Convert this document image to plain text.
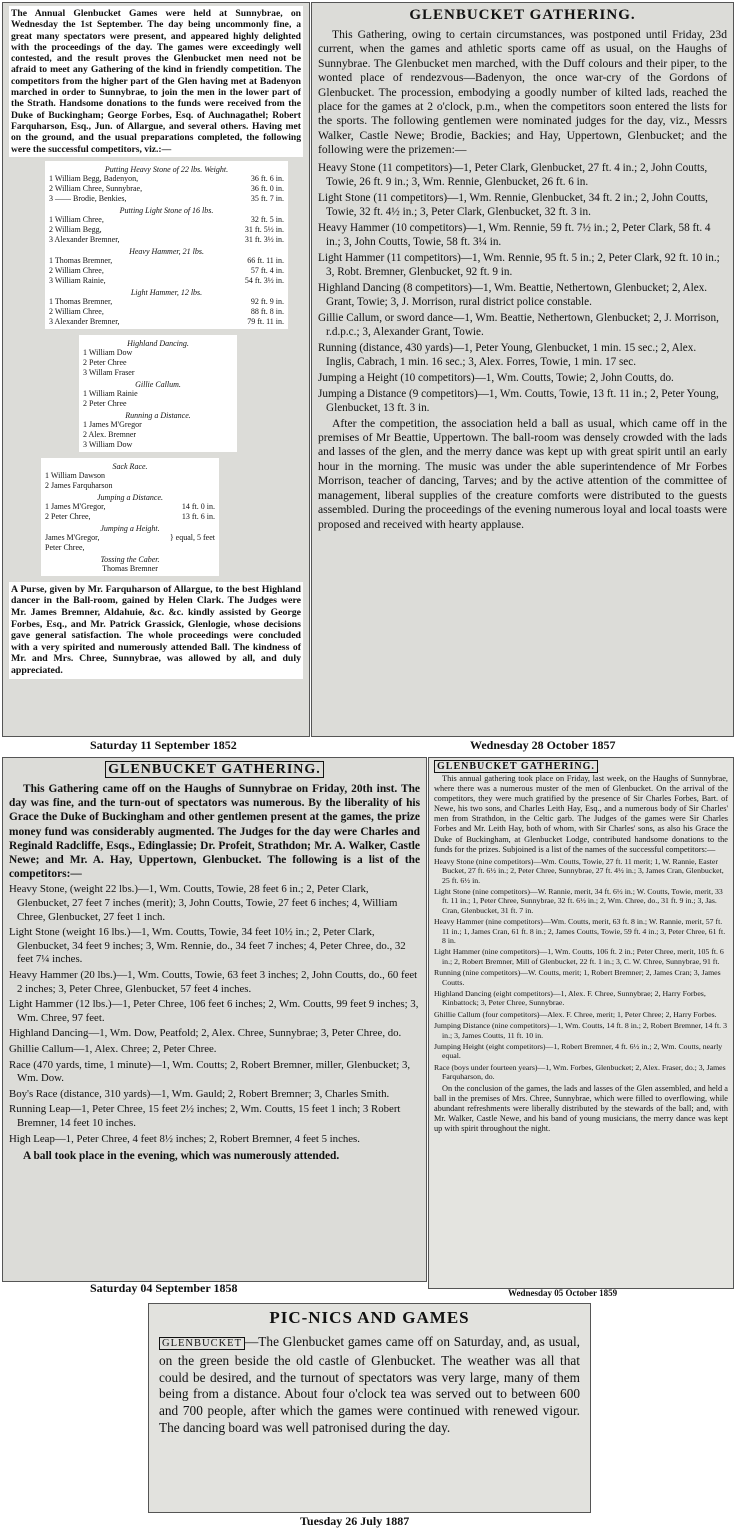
The Annual Glenbucket Games were held at Sunnybrae, on Wednesday the 1st September. The day being uncommonly fine, a great many spectators were present, and appeared highly delighted with the proceedings of the day. The games were exceedingly well contested, and the result proves the Glenbucket men need not be afraid to meet any Gathering of the kind in friendly competition. The competitors from the higher part of the Glen having met at Badenyon marched in order to Sunnybrae, to join the men in the lower part of the Strath. Handsome donations to the funds were received from the Duke of Buckingham; George Forbes, Esq. of Auchnagathel; Robert Farquharson, Esq., Jun. of Allargue, and several others. Having met on the ground, and the usual preparations completed, the following were the successful competitors, viz.:—

Putting Heavy Stone of 22 lbs. Weight.
1 William Begg, Badenyon,	36 ft. 6 in.
2 William Chree, Sunnybrae,	36 ft. 0 in.
3 —— Brodie, Benkies,	35 ft. 7 in.
Putting Light Stone of 16 lbs.
1 William Chree,	32 ft. 5 in.
2 William Begg,	31 ft. 5½ in.
3 Alexander Bremner,	31 ft. 3½ in.
Heavy Hammer, 21 lbs.
1 Thomas Bremner,	66 ft. 11 in.
2 William Chree,	57 ft. 4 in.
3 William Rainie,	54 ft. 3½ in.
Light Hammer, 12 lbs.
1 Thomas Bremner,	92 ft. 9 in.
2 William Chree,	88 ft. 8 in.
3 Alexander Bremner,	79 ft. 11 in.
Highland Dancing.
1 William Dow
2 Peter Chree
3 Willam Fraser
Gillie Callum.
1 William Rainie
2 Peter Chree
Running a Distance.
1 James M'Gregor
2 Alex. Bremner
3 William Dow
Sack Race.
1 William Dawson
2 James Farquharson
Jumping a Distance.
1 James M'Gregor,	14 ft. 0 in.
2 Peter Chree,	13 ft. 6 in.
Jumping a Height.
James M'Gregor,	} equal, 5 feet
Peter Chree,
Tossing the Caber.
Thomas Bremner

A Purse, given by Mr. Farquharson of Allargue, to the best Highland dancer in the Ball-room, gained by Helen Clark. The Judges were Mr. James Bremner, Aldahuie, &c. &c. kindly assisted by George Forbes, Esq., and Mr. Patrick Grassick, Glenlogie, whose decisions gave general satisfaction. The whole proceedings were concluded with a very spirited and numerously attended Ball. The kindness of Mr. and Mrs. Chree, Sunnybrae, was allowed by all, and duly appreciated.

Saturday 11 September 1852
GLENBUCKET GATHERING.

This Gathering, owing to certain circumstances, was postponed until Friday, 23d current, when the games and athletic sports came off as usual, on the Haughs of Sunnybrae. The Glenbucket men marched, with the Duff colours and their piper, to the wonted place of rendezvous—Badenyon, the once war-cry of the Gordons of Glenbucket. The procession, embodying a goodly number of kilted lads, reached the place for the games at 2 o'clock, p.m., when the competitors soon entered the lists for the sports. The following gentlemen were nominated judges for the day, viz., Messrs Walker, Castle Newe; Brodie, Backies; and Hay, Uppertown, Glenbucket; and the following were the prizemen:—

Heavy Stone (11 competitors)—1, Peter Clark, Glenbucket, 27 ft. 4 in.; 2, John Coutts, Towie, 26 ft. 9 in.; 3, Wm. Rennie, Glenbucket, 26 ft. 6 in.

Light Stone (11 competitors)—1, Wm. Rennie, Glenbucket, 34 ft. 2 in.; 2, John Coutts, Towie, 32 ft. 4½ in.; 3, Peter Clark, Glenbucket, 32 ft. 3 in.

Heavy Hammer (10 competitors)—1, Wm. Rennie, 59 ft. 7½ in.; 2, Peter Clark, 58 ft. 4 in.; 3, John Coutts, Towie, 58 ft. 3¼ in.

Light Hammer (11 competitors)—1, Wm. Rennie, 95 ft. 5 in.; 2, Peter Clark, 92 ft. 10 in.; 3, Robt. Bremner, Glenbucket, 92 ft. 9 in.

Highland Dancing (8 competitors)—1, Wm. Beattie, Nethertown, Glenbucket; 2, Alex. Grant, Towie; 3, J. Morrison, rural district police constable.

Gillie Callum, or sword dance—1, Wm. Beattie, Nethertown, Glenbucket; 2, J. Morrison, r.d.p.c.; 3, Alexander Grant, Towie.

Running (distance, 430 yards)—1, Peter Young, Glenbucket, 1 min. 15 sec.; 2, Alex. Inglis, Cabrach, 1 min. 16 sec.; 3, Alex. Forres, Towie, 1 min. 17 sec.

Jumping a Height (10 competitors)—1, Wm. Coutts, Towie; 2, John Coutts, do.

Jumping a Distance (9 competitors)—1, Wm. Coutts, Towie, 13 ft. 11 in.; 2, Peter Young, Glenbucket, 13 ft. 3 in.

After the competition, the association held a ball as usual, which came off in the premises of Mr Beattie, Uppertown. The ball-room was densely crowded with the lads and lasses of the glen, and the merry dance was kept up with great spirit until an early hour in the morning. The music was under the able superintendence of Mr Forbes Morrison, teacher of dancing, Tarves; and by the active attention of the committee of management, liberal supplies of the creature comforts were distributed to the guests assembled. During the proceedings of the evening numerous loyal and local toasts were proposed and received with hearty applause.

Wednesday 28 October 1857
GLENBUCKET GATHERING.

This Gathering came off on the Haughs of Sunnybrae on Friday, 20th inst. The day was fine, and the turn-out of spectators was numerous. By the liberality of his Grace the Duke of Buckingham and other gentlemen present at the games, the prize money fund was considerably augmented. The Judges for the day were Charles and Reginald Radcliffe, Esqs., Edinglassie; Dr. Profeit, Strathdon; Mr. A. Walker, Castle Newe; and Mr. A. Hay, Uppertown, Glenbucket. The following is a list of the competitors:—

Heavy Stone, (weight 22 lbs.)—1, Wm. Coutts, Towie, 28 feet 6 in.; 2, Peter Clark, Glenbucket, 27 feet 7 inches (merit); 3, John Coutts, Towie, 27 feet 6 inches; 4, William Chree, Glenbucket, 27 feet 1 inch.

Light Stone (weight 16 lbs.)—1, Wm. Coutts, Towie, 34 feet 10½ in.; 2, Peter Clark, Glenbucket, 34 feet 9 inches; 3, Wm. Rennie, do., 34 feet 7 inches; 4, Peter Chree, do., 32 feet 7¼ inches.

Heavy Hammer (20 lbs.)—1, Wm. Coutts, Towie, 63 feet 3 inches; 2, John Coutts, do., 60 feet 2 inches; 3, Peter Chree, Glenbucket, 57 feet 4 inches.

Light Hammer (12 lbs.)—1, Peter Chree, 106 feet 6 inches; 2, Wm. Coutts, 99 feet 9 inches; 3, Wm. Chree, 97 feet.

Highland Dancing—1, Wm. Dow, Peatfold; 2, Alex. Chree, Sunnybrae; 3, Peter Chree, do.

Ghillie Callum—1, Alex. Chree; 2, Peter Chree.

Race (470 yards, time, 1 minute)—1, Wm. Coutts; 2, Robert Bremner, miller, Glenbucket; 3, Wm. Dow.

Boy's Race (distance, 310 yards)—1, Wm. Gauld; 2, Robert Bremner; 3, Charles Smith.

Running Leap—1, Peter Chree, 15 feet 2½ inches; 2, Wm. Coutts, 15 feet 1 inch; 3 Robert Bremner, 14 feet 10 inches.

High Leap—1, Peter Chree, 4 feet 8½ inches; 2, Robert Bremner, 4 feet 5 inches.

A ball took place in the evening, which was numerously attended.

Saturday 04 September 1858
GLENBUCKET GATHERING.

This annual gathering took place on Friday, last week, on the Haughs of Sunnybrae, where there was a numerous muster of the men of Glenbucket. On the arrival of the competitors, they were much gratified by the presence of Sir Charles Forbes, Bart. of Newe, his two sons, and Charles Leith Hay, Esq., and a numerous body of Sir Charles' men from Strathdon, in the Celtic garb. The Judges of the games were Sir Charles Forbes and Mr. Leith Hay, both of whom, with Sir Charles' sons, as also his Grace the Duke of Buckingham, at Glenbucket Lodge, contributed handsome donations to the funds for the prizes. Subjoined is a list of the names of the successful competitors:—

Heavy Stone (nine competitors)—Wm. Coutts, Towie, 27 ft. 11 merit; 1, W. Rannie, Easter Bucket, 27 ft. 6½ in.; 2, Peter Chree, Sunnybrae, 27 ft. 4½ in.; 3, James Cran, Glenbucket, 25 ft. 6½ in.

Light Stone (nine competitors)—W. Rannie, merit, 34 ft. 6½ in.; W. Coutts, Towie, merit, 33 ft. 11 in.; 1, Peter Chree, Sunnybrae, 32 ft. 6½ in.; 2, Wm. Chree, do., 31 ft. 9 in.; 3, Jas. Cran, Glenbucket, 31 ft. 7 in.

Heavy Hammer (nine competitors)—Wm. Coutts, merit, 63 ft. 8 in.; W. Rannie, merit, 57 ft. 11 in.; 1, James Cran, 61 ft. 8 in.; 2, James Coutts, Towie, 59 ft. 4 in.; 3, Peter Chree, 61 ft. 8 in.

Light Hammer (nine competitors)—1, Wm. Coutts, 106 ft. 2 in.; Peter Chree, merit, 105 ft. 6 in.; 2, Robert Bremner, Mill of Glenbucket, 22 ft. 1 in.; 3, C. W. Chree, Sunnybrae, 91 ft.

Running (nine competitors)—W. Coutts, merit; 1, Robert Bremner; 2, James Cran; 3, James Coutts.

Highland Dancing (eight competitors)—1, Alex. F. Chree, Sunnybrae; 2, Harry Forbes, Kinbattock; 3, Peter Chree, Sunnybrae.

Ghillie Callum (four competitors)—Alex. F. Chree, merit; 1, Peter Chree; 2, Harry Forbes.

Jumping Distance (nine competitors)—1, Wm. Coutts, 14 ft. 8 in.; 2, Robert Bremner, 14 ft. 3 in.; 3, James Coutts, 11 ft. 10 in.

Jumping Height (eight competitors)—1, Robert Bremner, 4 ft. 6½ in.; 2, Wm. Coutts, nearly equal.

Race (boys under fourteen years)—1, Wm. Forbes, Glenbucket; 2, Alex. Fraser, do.; 3, James Farquharson, do.

On the conclusion of the games, the lads and lasses of the Glen assembled, and held a ball in the premises of Mrs. Chree, Sunnybrae, which were filled to overflowing, while abundant refreshments were liberally distributed by the stewards of the ball; and, with Mr. Walker, Castle Newe, and his band of young musicians, the merry dance was kept up with spirit throughout the night.

Wednesday 05 October 1859
PIC-NICS AND GAMES

GLENBUCKET —The Glenbucket games came off on Saturday, and, as usual, on the green beside the old castle of Glenbucket. The weather was all that could be desired, and the turnout of spectators was very large, many of them being from a distance. About four o'clock tea was served out to between 600 and 700 people, after which the games were continued with renewed vigour. The dancing board was well patronised during the day.

Tuesday 26 July 1887
